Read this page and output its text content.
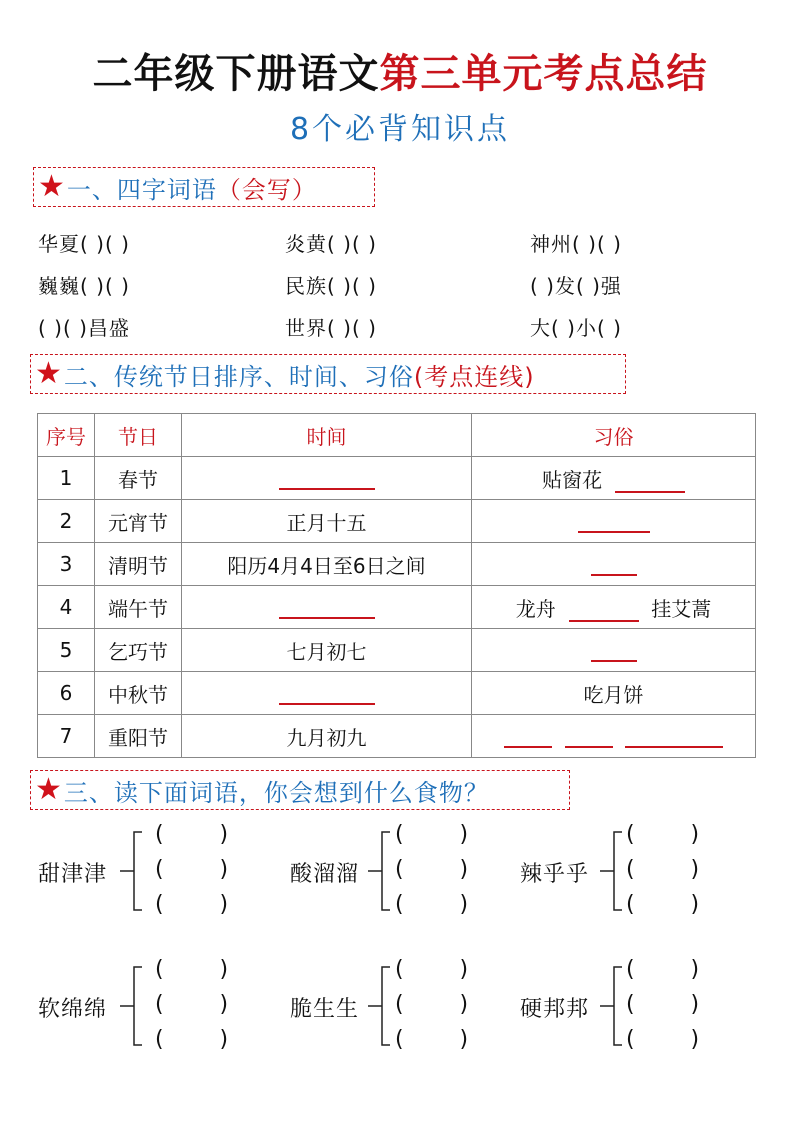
二年级下册语文第三单元考点总结
8个必背知识点
★ 一、四字词语（会写）
华夏( )( )	炎黄( )( )	神州( )( )
巍巍( )( )	民族( )( )	( )发( )强
( )( )昌盛	世界( )( )	大( )小( )
★ 二、传统节日排序、时间、习俗(考点连线)
序号	节日	时间	习俗
1	春节		贴窗花
2	元宵节	正月十五	
3	清明节	阳历4月4日至6日之间	
4	端午节		龙舟 挂艾蒿
5	乞巧节	七月初七	
6	中秋节		吃月饼
7	重阳节	九月初九	
★ 三、读下面词语，你会想到什么食物？
甜津津
(        )
(        )
(        )
酸溜溜
(        )
(        )
(        )
辣乎乎
(        )
(        )
(        )
软绵绵
(        )
(        )
(        )
脆生生
(        )
(        )
(        )
硬邦邦
(        )
(        )
(        )
